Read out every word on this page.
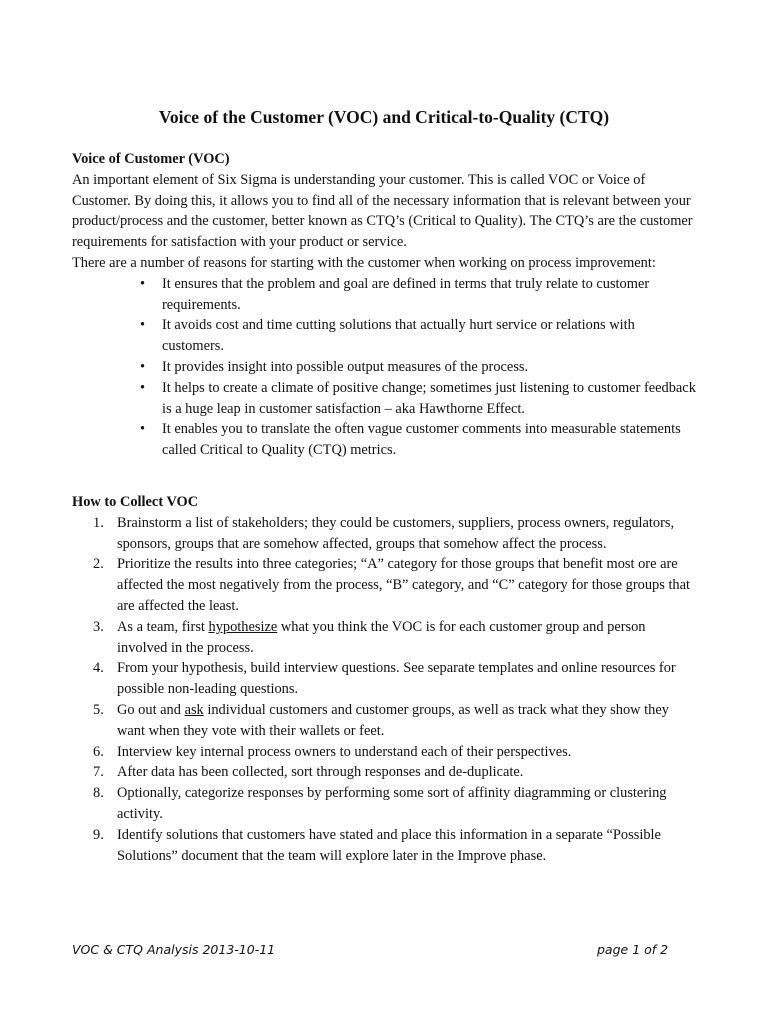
Voice of the Customer (VOC) and Critical-to-Quality (CTQ)

Voice of Customer (VOC)

An important element of Six Sigma is understanding your customer. This is called VOC or Voice of Customer. By doing this, it allows you to find all of the necessary information that is relevant between your product/process and the customer, better known as CTQ’s (Critical to Quality). The CTQ’s are the customer requirements for satisfaction with your product or service.

There are a number of reasons for starting with the customer when working on process improvement:

• It ensures that the problem and goal are defined in terms that truly relate to customer requirements.
• It avoids cost and time cutting solutions that actually hurt service or relations with customers.
• It provides insight into possible output measures of the process.
• It helps to create a climate of positive change; sometimes just listening to customer feedback is a huge leap in customer satisfaction – aka Hawthorne Effect.
• It enables you to translate the often vague customer comments into measurable statements called Critical to Quality (CTQ) metrics.

How to Collect VOC

1. Brainstorm a list of stakeholders; they could be customers, suppliers, process owners, regulators, sponsors, groups that are somehow affected, groups that somehow affect the process.
2. Prioritize the results into three categories; “A” category for those groups that benefit most ore are affected the most negatively from the process, “B” category, and “C” category for those groups that are affected the least.
3. As a team, first hypothesize what you think the VOC is for each customer group and person involved in the process.
4. From your hypothesis, build interview questions. See separate templates and online resources for possible non-leading questions.
5. Go out and ask individual customers and customer groups, as well as track what they show they want when they vote with their wallets or feet.
6. Interview key internal process owners to understand each of their perspectives.
7. After data has been collected, sort through responses and de-duplicate.
8. Optionally, categorize responses by performing some sort of affinity diagramming or clustering activity.
9. Identify solutions that customers have stated and place this information in a separate “Possible Solutions” document that the team will explore later in the Improve phase.
VOC & CTQ Analysis 2013-10-11	page 1 of 2
